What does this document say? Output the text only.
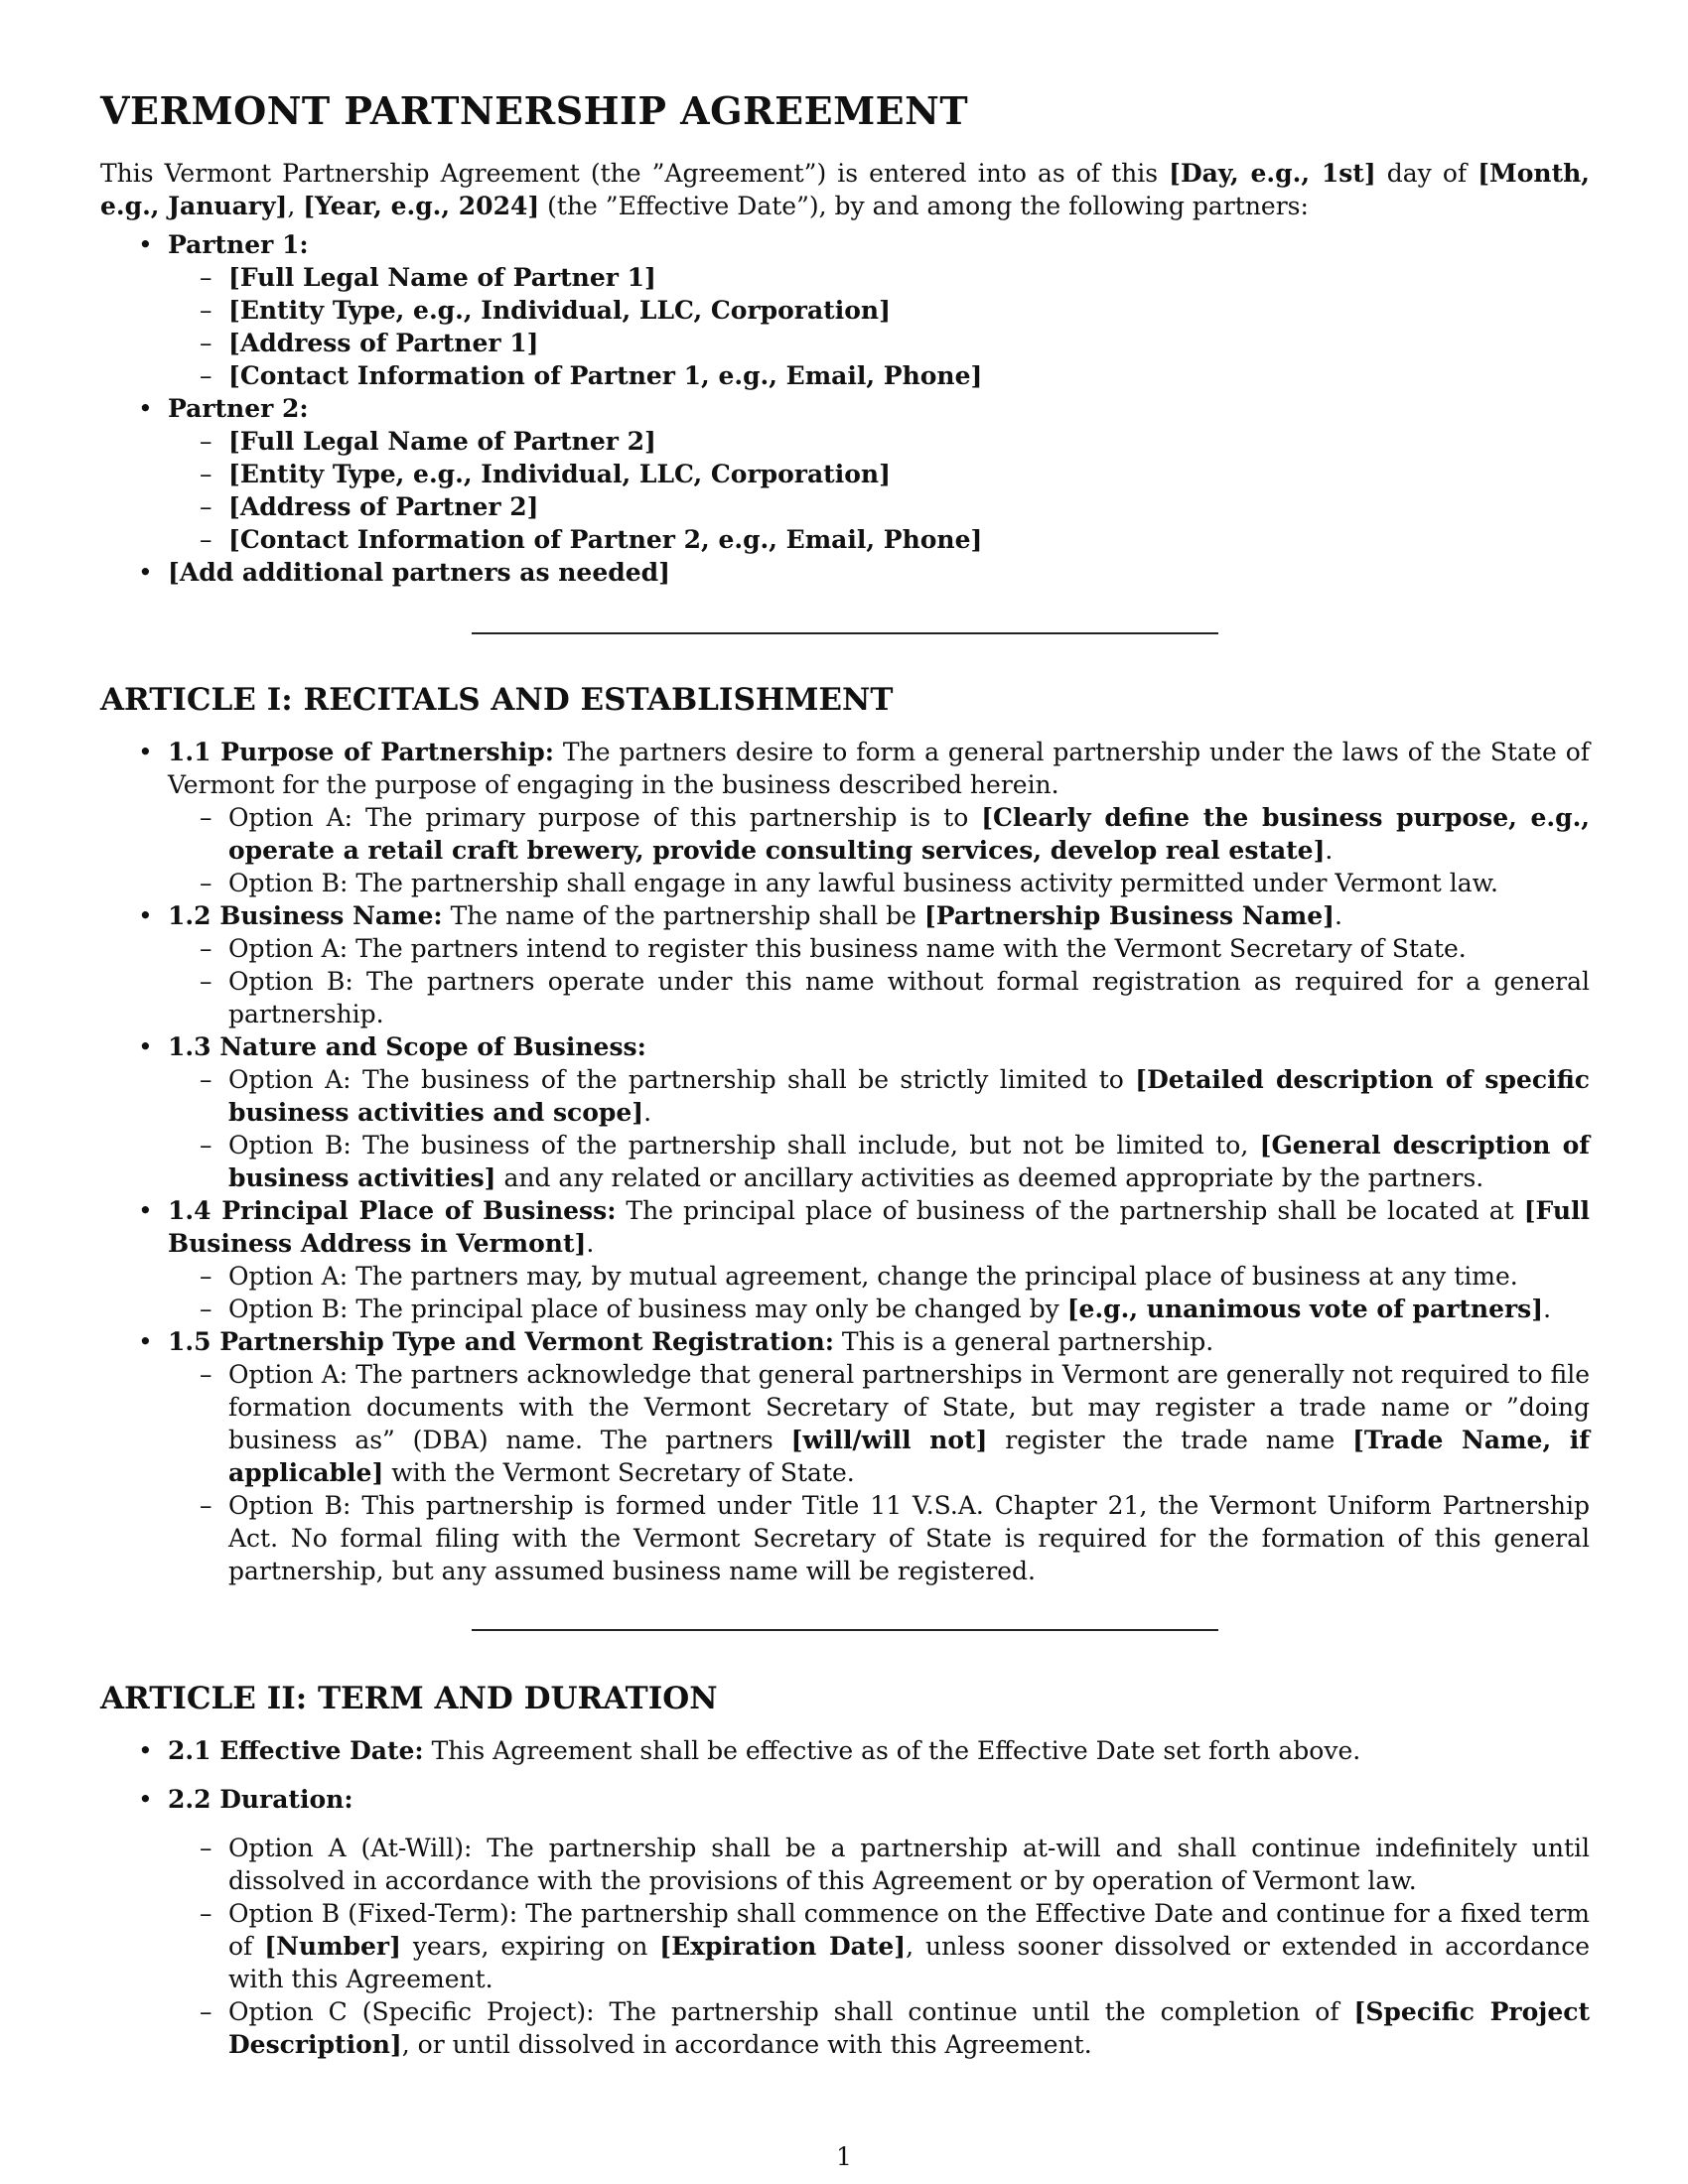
VERMONT PARTNERSHIP AGREEMENT

This Vermont Partnership Agreement (the ”Agreement”) is entered into as of this [Day, e.g., 1st] day of [Month, e.g., January], [Year, e.g., 2024] (the ”Effective Date”), by and among the following partners:

• Partner 1:
– [Full Legal Name of Partner 1]
– [Entity Type, e.g., Individual, LLC, Corporation]
– [Address of Partner 1]
– [Contact Information of Partner 1, e.g., Email, Phone]
• Partner 2:
– [Full Legal Name of Partner 2]
– [Entity Type, e.g., Individual, LLC, Corporation]
– [Address of Partner 2]
– [Contact Information of Partner 2, e.g., Email, Phone]
• [Add additional partners as needed]
ARTICLE I: RECITALS AND ESTABLISHMENT
• 1.1 Purpose of Partnership: The partners desire to form a general partnership under the laws of the State of Vermont for the purpose of engaging in the business described herein.
– Option A: The primary purpose of this partnership is to [Clearly define the business purpose, e.g., operate a retail craft brewery, provide consulting services, develop real estate].
– Option B: The partnership shall engage in any lawful business activity permitted under Vermont law.
• 1.2 Business Name: The name of the partnership shall be [Partnership Business Name].
– Option A: The partners intend to register this business name with the Vermont Secretary of State.
– Option B: The partners operate under this name without formal registration as required for a general partnership.
• 1.3 Nature and Scope of Business:
– Option A: The business of the partnership shall be strictly limited to [Detailed description of specific business activities and scope].
– Option B: The business of the partnership shall include, but not be limited to, [General description of business activities] and any related or ancillary activities as deemed appropriate by the partners.
• 1.4 Principal Place of Business: The principal place of business of the partnership shall be located at [Full Business Address in Vermont].
– Option A: The partners may, by mutual agreement, change the principal place of business at any time.
– Option B: The principal place of business may only be changed by [e.g., unanimous vote of partners].
• 1.5 Partnership Type and Vermont Registration: This is a general partnership.
– Option A: The partners acknowledge that general partnerships in Vermont are generally not required to file formation documents with the Vermont Secretary of State, but may register a trade name or ”doing business as” (DBA) name. The partners [will/will not] register the trade name [Trade Name, if applicable] with the Vermont Secretary of State.
– Option B: This partnership is formed under Title 11 V.S.A. Chapter 21, the Vermont Uniform Partnership Act. No formal filing with the Vermont Secretary of State is required for the formation of this general partnership, but any assumed business name will be registered.
ARTICLE II: TERM AND DURATION
• 2.1 Effective Date: This Agreement shall be effective as of the Effective Date set forth above.
• 2.2 Duration:
– Option A (At-Will): The partnership shall be a partnership at-will and shall continue indefinitely until dissolved in accordance with the provisions of this Agreement or by operation of Vermont law.
– Option B (Fixed-Term): The partnership shall commence on the Effective Date and continue for a fixed term of [Number] years, expiring on [Expiration Date], unless sooner dissolved or extended in accordance with this Agreement.
– Option C (Specific Project): The partnership shall continue until the completion of [Specific Project Description], or until dissolved in accordance with this Agreement.
1
